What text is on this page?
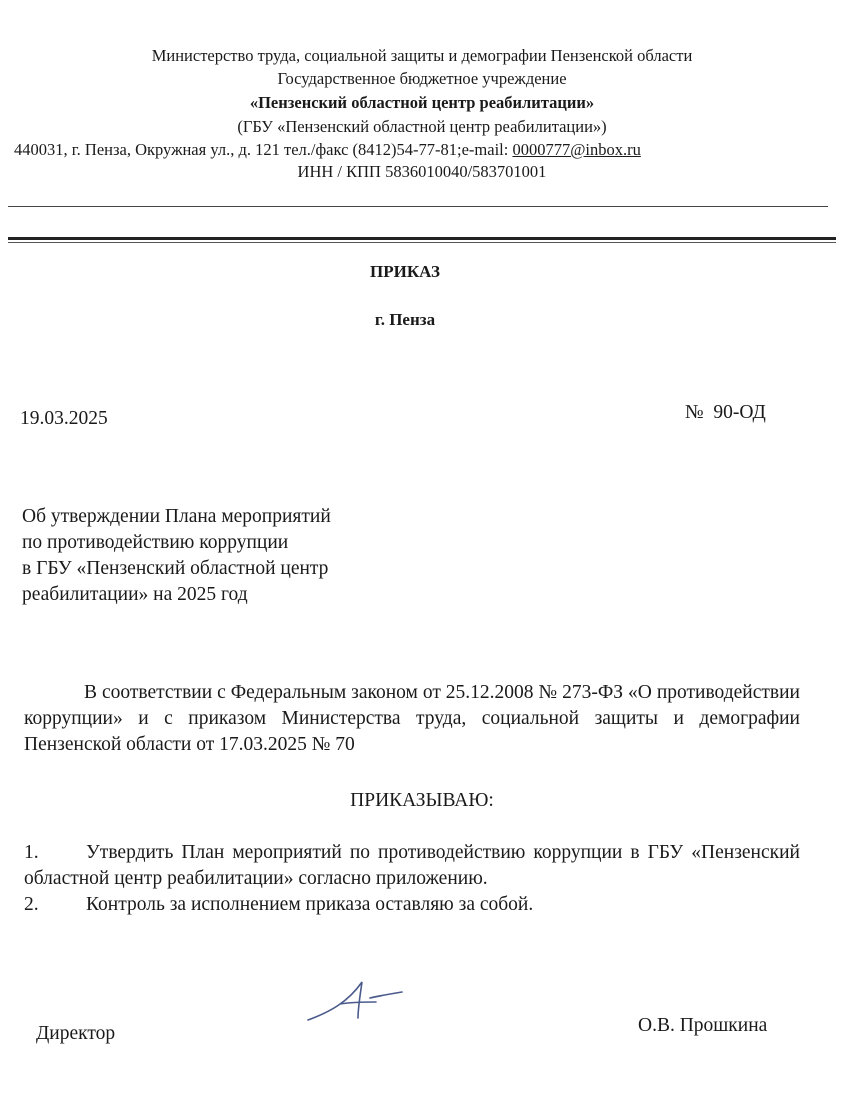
Министерство труда, социальной защиты и демографии Пензенской области
Государственное бюджетное учреждение
«Пензенский областной центр реабилитации»
(ГБУ «Пензенский областной центр реабилитации»)
440031, г. Пенза, Окружная ул., д. 121 тел./факс (8412)54-77-81;e-mail: 0000777@inbox.ru
ИНН / КПП 5836010040/583701001
ПРИКАЗ
г. Пенза
19.03.2025	№ 90-ОД
Об утверждении Плана мероприятий
по противодействию коррупции
в ГБУ «Пензенский областной центр
реабилитации» на 2025 год
В соответствии с Федеральным законом от 25.12.2008 № 273-ФЗ «О противодействии коррупции» и с приказом Министерства труда, социальной защиты и демографии Пензенской области от 17.03.2025 № 70
ПРИКАЗЫВАЮ:
1. Утвердить План мероприятий по противодействию коррупции в ГБУ «Пензенский областной центр реабилитации» согласно приложению.
2. Контроль за исполнением приказа оставляю за собой.
Директор	О.В. Прошкина
